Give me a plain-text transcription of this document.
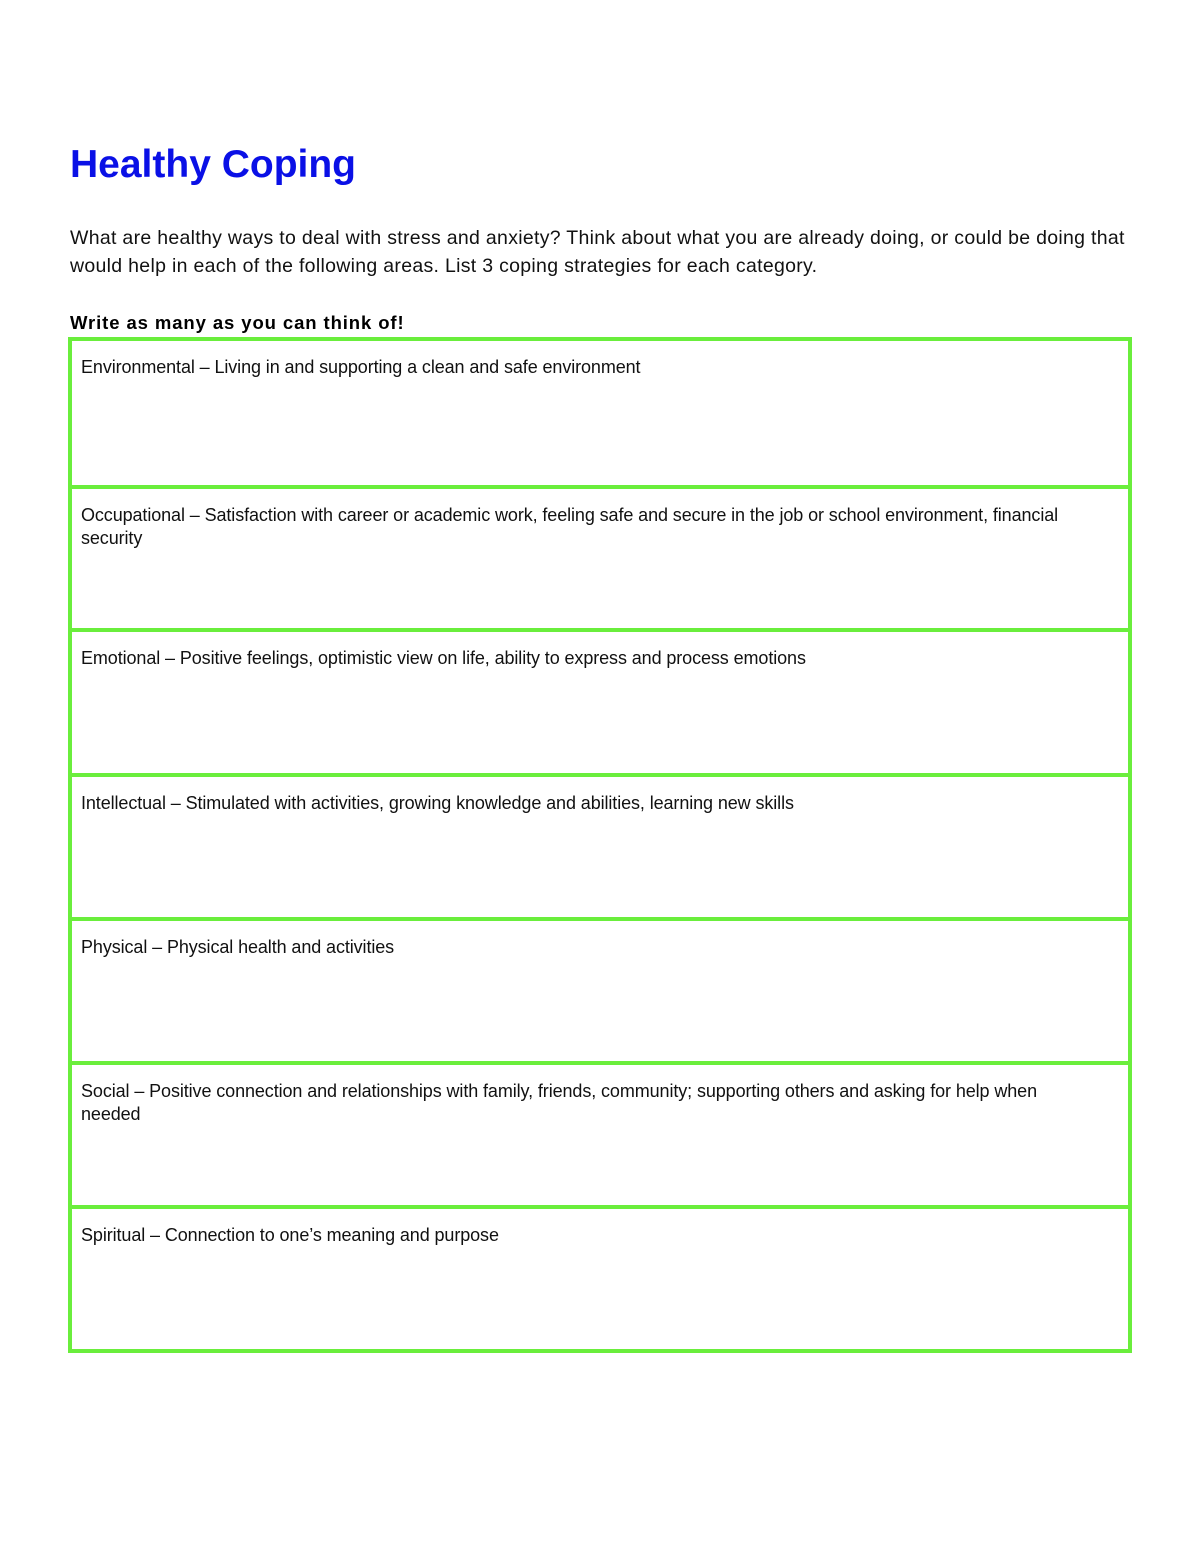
Healthy Coping

What are healthy ways to deal with stress and anxiety? Think about what you are already doing, or could be doing that would help in each of the following areas. List 3 coping strategies for each category.

Write as many as you can think of!

Environmental – Living in and supporting a clean and safe environment
Occupational – Satisfaction with career or academic work, feeling safe and secure in the job or school environment, financial security
Emotional – Positive feelings, optimistic view on life, ability to express and process emotions
Intellectual – Stimulated with activities, growing knowledge and abilities, learning new skills
Physical – Physical health and activities
Social – Positive connection and relationships with family, friends, community; supporting others and asking for help when needed
Spiritual – Connection to one’s meaning and purpose
